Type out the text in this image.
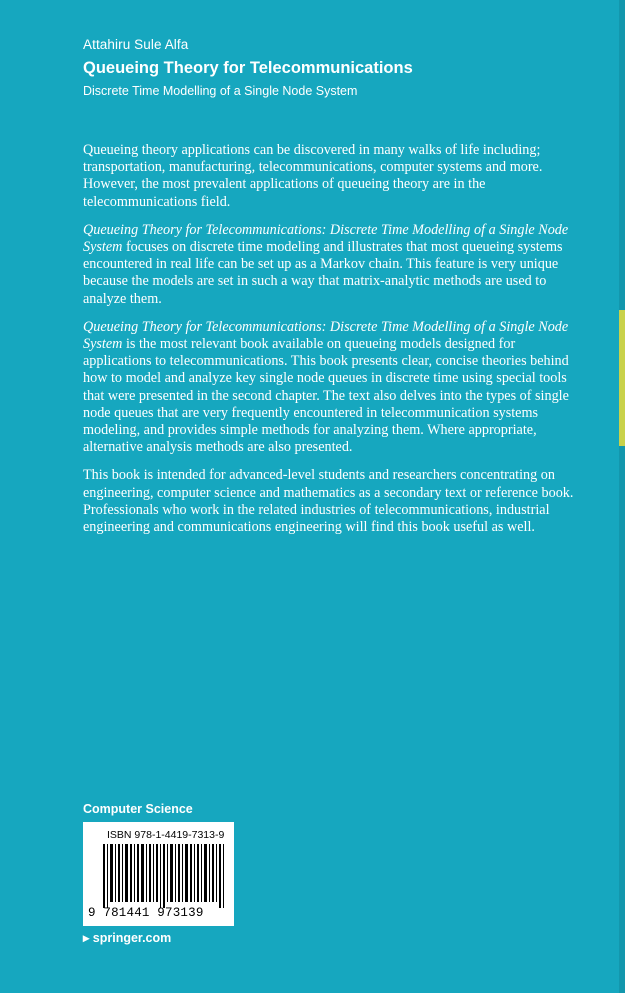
Attahiru Sule Alfa
Queueing Theory for Telecommunications
Discrete Time Modelling of a Single Node System

Queueing theory applications can be discovered in many walks of life including; transportation, manufacturing, telecommunications, computer systems and more. However, the most prevalent applications of queueing theory are in the telecommunications field.

Queueing Theory for Telecommunications: Discrete Time Modelling of a Single Node System focuses on discrete time modeling and illustrates that most queueing systems encountered in real life can be set up as a Markov chain. This feature is very unique because the models are set in such a way that matrix-analytic methods are used to analyze them.

Queueing Theory for Telecommunications: Discrete Time Modelling of a Single Node System is the most relevant book available on queueing models designed for applications to telecommunications. This book presents clear, concise theories behind how to model and analyze key single node queues in discrete time using special tools that were presented in the second chapter. The text also delves into the types of single node queues that are very frequently encountered in telecommunication systems modeling, and provides simple methods for analyzing them. Where appropriate, alternative analysis methods are also presented.

This book is intended for advanced-level students and researchers concentrating on engineering, computer science and mathematics as a secondary text or reference book. Professionals who work in the related industries of telecommunications, industrial engineering and communications engineering will find this book useful as well.

Computer Science
ISBN 978-1-4419-7313-9
9 781441 973139
▸ springer.com
